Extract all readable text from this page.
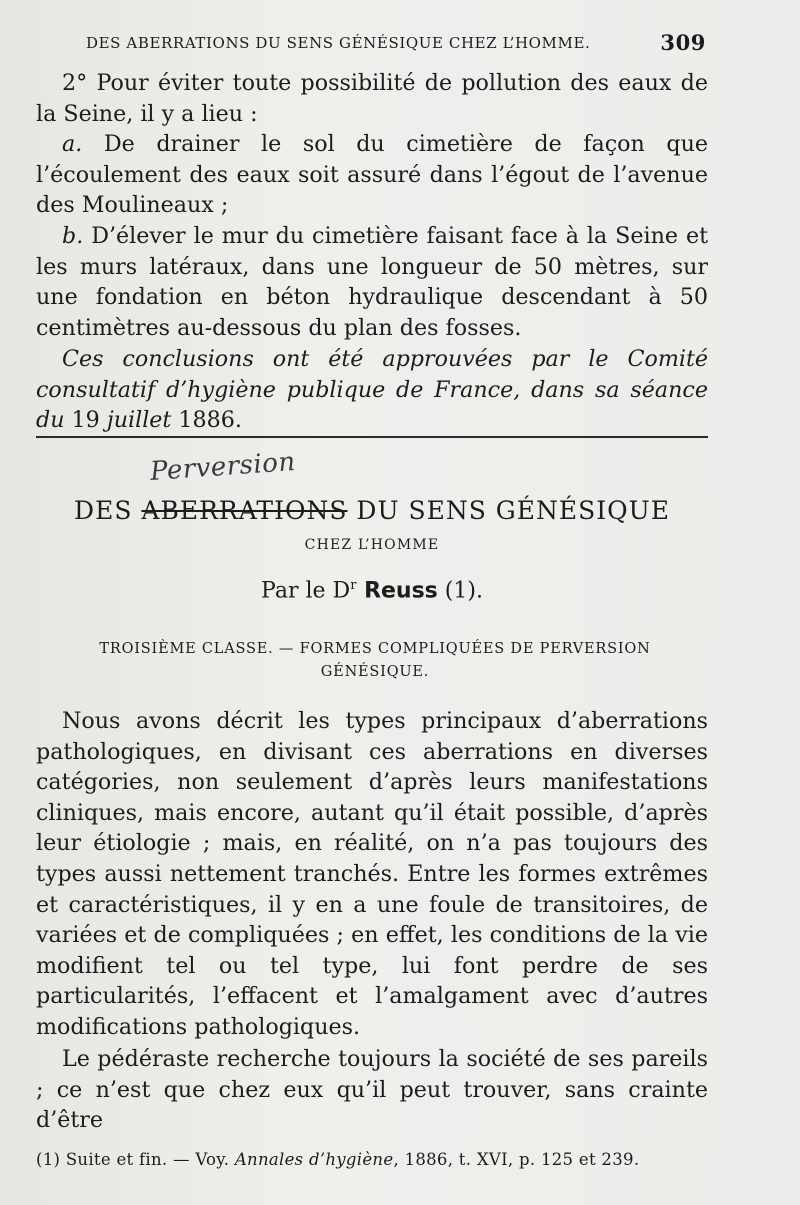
DES ABERRATIONS DU SENS GÉNÉSIQUE CHEZ L’HOMME.	309

2° Pour éviter toute possibilité de pollution des eaux de la Seine, il y a lieu :

a. De drainer le sol du cimetière de façon que l’écoulement des eaux soit assuré dans l’égout de l’avenue des Moulineaux ;

b. D’élever le mur du cimetière faisant face à la Seine et les murs latéraux, dans une longueur de 50 mètres, sur une fondation en béton hydraulique descendant à 50 centimètres au-dessous du plan des fosses.

Ces conclusions ont été approuvées par le Comité consultatif d’hygiène publique de France, dans sa séance du 19 juillet 1886.
Perversion
DES ABERRATIONS DU SENS GÉNÉSIQUE
CHEZ L’HOMME
Par le $D^r$ Reuss (1).
TROISIÈME CLASSE. — FORMES COMPLIQUÉES DE PERVERSION GÉNÉSIQUE.

Nous avons décrit les types principaux d’aberrations pathologiques, en divisant ces aberrations en diverses catégories, non seulement d’après leurs manifestations cliniques, mais encore, autant qu’il était possible, d’après leur étiologie ; mais, en réalité, on n’a pas toujours des types aussi nettement tranchés. Entre les formes extrêmes et caractéristiques, il y en a une foule de transitoires, de variées et de compliquées ; en effet, les conditions de la vie modifient tel ou tel type, lui font perdre de ses particularités, l’effacent et l’amalgament avec d’autres modifications pathologiques.

Le pédéraste recherche toujours la société de ses pareils ; ce n’est que chez eux qu’il peut trouver, sans crainte d’être

(1) Suite et fin. — Voy. Annales d’hygiène, 1886, t. XVI, p. 125 et 239.
